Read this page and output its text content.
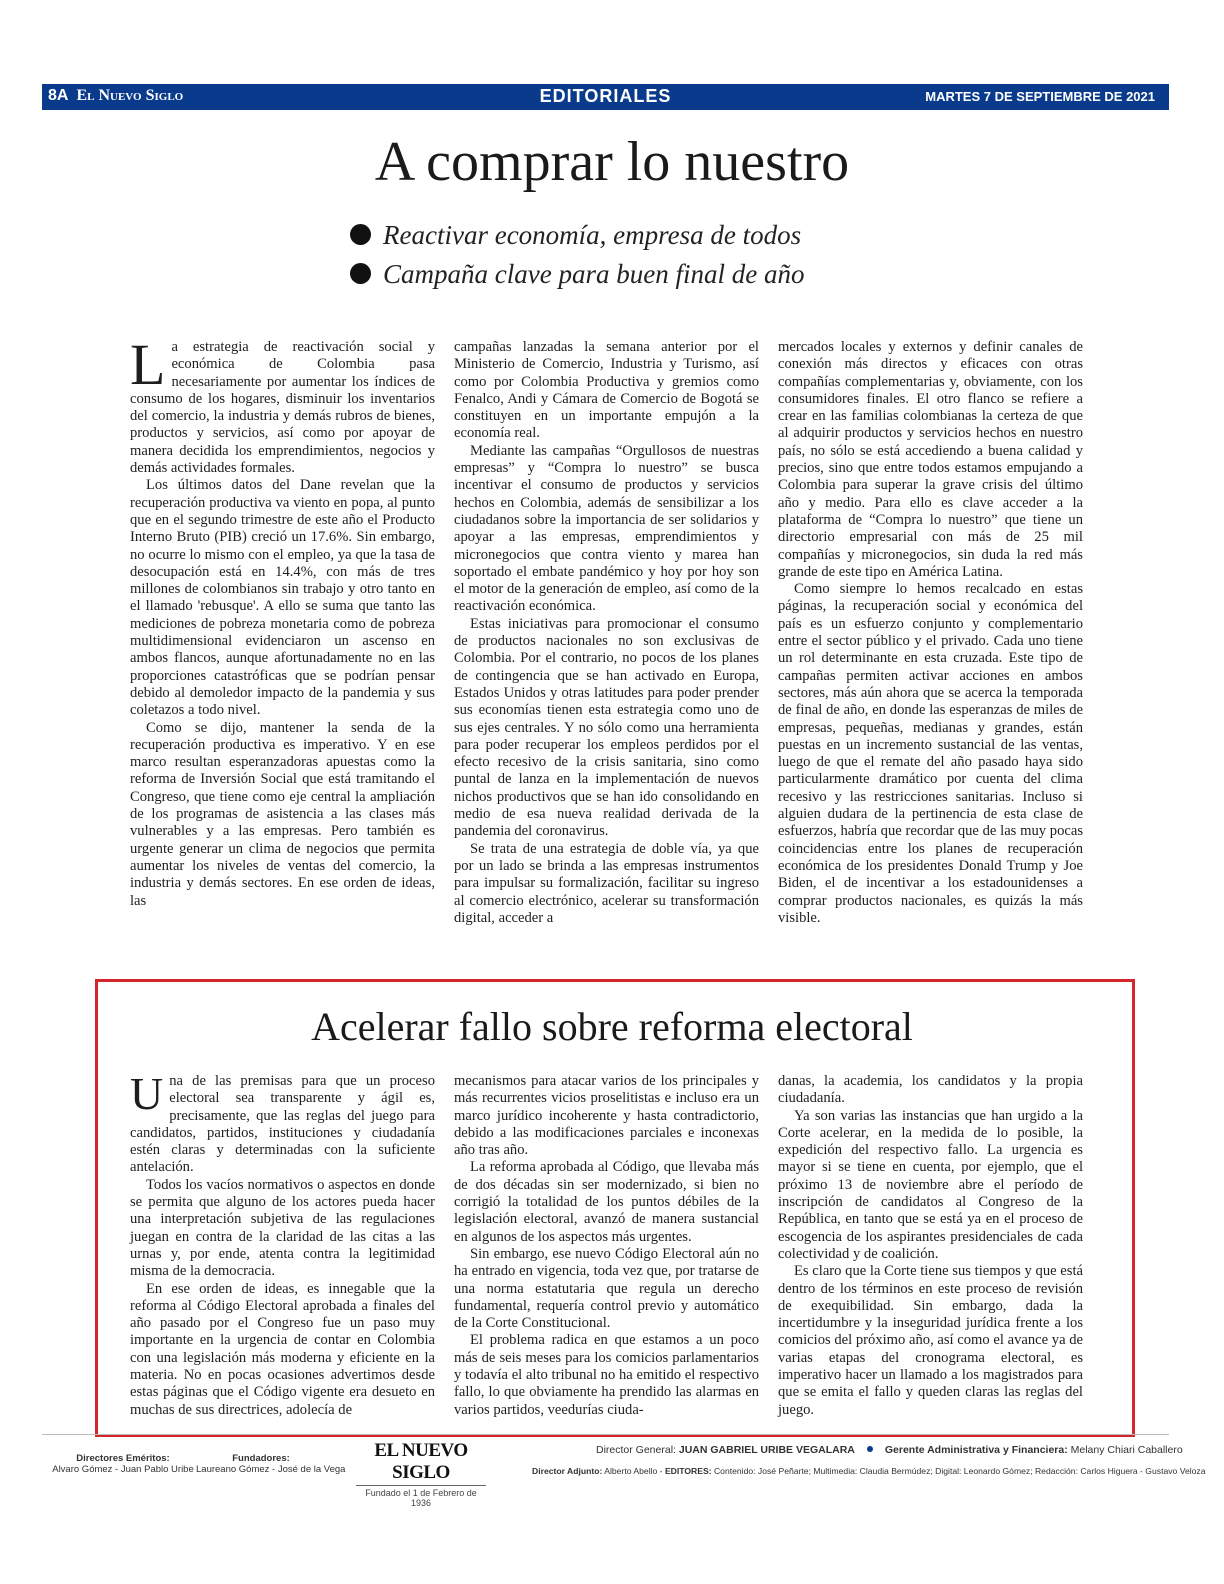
8A El Nuevo Siglo	EDITORIALES	MARTES 7 DE SEPTIEMBRE DE 2021
A comprar lo nuestro
Reactivar economía, empresa de todos
Campaña clave para buen final de año

La estrategia de reactivación social y económica de Colombia pasa necesariamente por aumentar los índices de consumo de los hogares, disminuir los inventarios del comercio, la industria y demás rubros de bienes, productos y servicios, así como por apoyar de manera decidida los emprendimientos, negocios y demás actividades formales.

Los últimos datos del Dane revelan que la recuperación productiva va viento en popa, al punto que en el segundo trimestre de este año el Producto Interno Bruto (PIB) creció un 17.6%. Sin embargo, no ocurre lo mismo con el empleo, ya que la tasa de desocupación está en 14.4%, con más de tres millones de colombianos sin trabajo y otro tanto en el llamado 'rebusque'. A ello se suma que tanto las mediciones de pobreza monetaria como de pobreza multidimensional evidenciaron un ascenso en ambos flancos, aunque afortunadamente no en las proporciones catastróficas que se podrían pensar debido al demoledor impacto de la pandemia y sus coletazos a todo nivel.

Como se dijo, mantener la senda de la recuperación productiva es imperativo. Y en ese marco resultan esperanzadoras apuestas como la reforma de Inversión Social que está tramitando el Congreso, que tiene como eje central la ampliación de los programas de asistencia a las clases más vulnerables y a las empresas. Pero también es urgente generar un clima de negocios que permita aumentar los niveles de ventas del comercio, la industria y demás sectores. En ese orden de ideas, las

campañas lanzadas la semana anterior por el Ministerio de Comercio, Industria y Turismo, así como por Colombia Productiva y gremios como Fenalco, Andi y Cámara de Comercio de Bogotá se constituyen en un importante empujón a la economía real.

Mediante las campañas “Orgullosos de nuestras empresas” y “Compra lo nuestro” se busca incentivar el consumo de productos y servicios hechos en Colombia, además de sensibilizar a los ciudadanos sobre la importancia de ser solidarios y apoyar a las empresas, emprendimientos y micronegocios que contra viento y marea han soportado el embate pandémico y hoy por hoy son el motor de la generación de empleo, así como de la reactivación económica.

Estas iniciativas para promocionar el consumo de productos nacionales no son exclusivas de Colombia. Por el contrario, no pocos de los planes de contingencia que se han activado en Europa, Estados Unidos y otras latitudes para poder prender sus economías tienen esta estrategia como uno de sus ejes centrales. Y no sólo como una herramienta para poder recuperar los empleos perdidos por el efecto recesivo de la crisis sanitaria, sino como puntal de lanza en la implementación de nuevos nichos productivos que se han ido consolidando en medio de esa nueva realidad derivada de la pandemia del coronavirus.

Se trata de una estrategia de doble vía, ya que por un lado se brinda a las empresas instrumentos para impulsar su formalización, facilitar su ingreso al comercio electrónico, acelerar su transformación digital, acceder a

mercados locales y externos y definir canales de conexión más directos y eficaces con otras compañías complementarias y, obviamente, con los consumidores finales. El otro flanco se refiere a crear en las familias colombianas la certeza de que al adquirir productos y servicios hechos en nuestro país, no sólo se está accediendo a buena calidad y precios, sino que entre todos estamos empujando a Colombia para superar la grave crisis del último año y medio. Para ello es clave acceder a la plataforma de “Compra lo nuestro” que tiene un directorio empresarial con más de 25 mil compañías y micronegocios, sin duda la red más grande de este tipo en América Latina.

Como siempre lo hemos recalcado en estas páginas, la recuperación social y económica del país es un esfuerzo conjunto y complementario entre el sector público y el privado. Cada uno tiene un rol determinante en esta cruzada. Este tipo de campañas permiten activar acciones en ambos sectores, más aún ahora que se acerca la temporada de final de año, en donde las esperanzas de miles de empresas, pequeñas, medianas y grandes, están puestas en un incremento sustancial de las ventas, luego de que el remate del año pasado haya sido particularmente dramático por cuenta del clima recesivo y las restricciones sanitarias. Incluso si alguien dudara de la pertinencia de esta clase de esfuerzos, habría que recordar que de las muy pocas coincidencias entre los planes de recuperación económica de los presidentes Donald Trump y Joe Biden, el de incentivar a los estadounidenses a comprar productos nacionales, es quizás la más visible.

Acelerar fallo sobre reforma electoral

Una de las premisas para que un proceso electoral sea transparente y ágil es, precisamente, que las reglas del juego para candidatos, partidos, instituciones y ciudadanía estén claras y determinadas con la suficiente antelación.

Todos los vacíos normativos o aspectos en donde se permita que alguno de los actores pueda hacer una interpretación subjetiva de las regulaciones juegan en contra de la claridad de las citas a las urnas y, por ende, atenta contra la legitimidad misma de la democracia.

En ese orden de ideas, es innegable que la reforma al Código Electoral aprobada a finales del año pasado por el Congreso fue un paso muy importante en la urgencia de contar en Colombia con una legislación más moderna y eficiente en la materia. No en pocas ocasiones advertimos desde estas páginas que el Código vigente era desueto en muchas de sus directrices, adolecía de

mecanismos para atacar varios de los principales y más recurrentes vicios proselitistas e incluso era un marco jurídico incoherente y hasta contradictorio, debido a las modificaciones parciales e inconexas año tras año.

La reforma aprobada al Código, que llevaba más de dos décadas sin ser modernizado, si bien no corrigió la totalidad de los puntos débiles de la legislación electoral, avanzó de manera sustancial en algunos de los aspectos más urgentes.

Sin embargo, ese nuevo Código Electoral aún no ha entrado en vigencia, toda vez que, por tratarse de una norma estatutaria que regula un derecho fundamental, requería control previo y automático de la Corte Constitucional.

El problema radica en que estamos a un poco más de seis meses para los comicios parlamentarios y todavía el alto tribunal no ha emitido el respectivo fallo, lo que obviamente ha prendido las alarmas en varios partidos, veedurías ciuda-

danas, la academia, los candidatos y la propia ciudadanía.

Ya son varias las instancias que han urgido a la Corte acelerar, en la medida de lo posible, la expedición del respectivo fallo. La urgencia es mayor si se tiene en cuenta, por ejemplo, que el próximo 13 de noviembre abre el período de inscripción de candidatos al Congreso de la República, en tanto que se está ya en el proceso de escogencia de los aspirantes presidenciales de cada colectividad y de coalición.

Es claro que la Corte tiene sus tiempos y que está dentro de los términos en este proceso de revisión de exequibilidad. Sin embargo, dada la incertidumbre y la inseguridad jurídica frente a los comicios del próximo año, así como el avance ya de varias etapas del cronograma electoral, es imperativo hacer un llamado a los magistrados para que se emita el fallo y queden claras las reglas del juego.

Directores Eméritos:
Alvaro Gómez - Juan Pablo Uribe
Fundadores:
Laureano Gómez - José de la Vega
EL NUEVO SIGLO
Fundado el 1 de Febrero de 1936
Director General: JUAN GABRIEL URIBE VEGALARA	Gerente Administrativa y Financiera: Melany Chiari Caballero
Director Adjunto: Alberto Abello - EDITORES: Contenido: José Peñarte; Multimedia: Claudia Bermúdez; Digital: Leonardo Gómez; Redacción: Carlos Higuera - Gustavo Veloza
